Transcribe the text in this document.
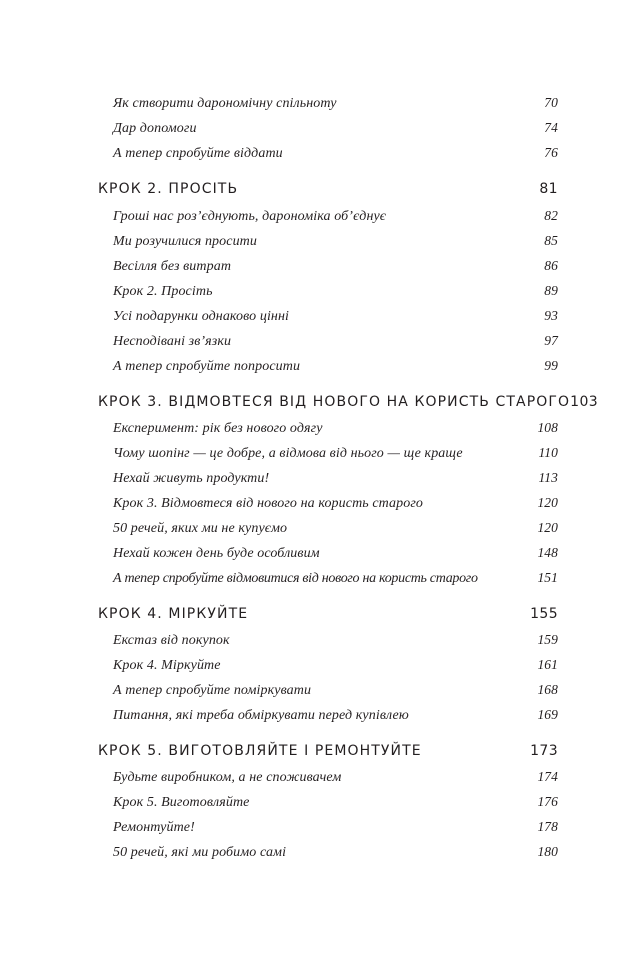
Як створити дарономічну спільноту	70
Дар допомоги	74
А тепер спробуйте віддати	76
КРОК 2. ПРОСІТЬ	81
Гроші нас роз’єднують, дарономіка об’єднує	82
Ми розучилися просити	85
Весілля без витрат	86
Крок 2. Просіть	89
Усі подарунки однаково цінні	93
Несподівані зв’язки	97
А тепер спробуйте попросити	99
КРОК 3. ВІДМОВТЕСЯ ВІД НОВОГО НА КОРИСТЬ СТАРОГО 103
Експеримент: рік без нового одягу	108
Чому шопінг — це добре, а відмова від нього — ще краще	110
Нехай живуть продукти!	113
Крок 3. Відмовтеся від нового на користь старого	120
50 речей, яких ми не купуємо	120
Нехай кожен день буде особливим	148
А тепер спробуйте відмовитися від нового на користь старого	151
КРОК 4. МІРКУЙТЕ	155
Екстаз від покупок	159
Крок 4. Міркуйте	161
А тепер спробуйте поміркувати	168
Питання, які треба обміркувати перед купівлею	169
КРОК 5. ВИГОТОВЛЯЙТЕ І РЕМОНТУЙТЕ	173
Будьте виробником, а не споживачем	174
Крок 5. Виготовляйте	176
Ремонтуйте!	178
50 речей, які ми робимо самі	180
